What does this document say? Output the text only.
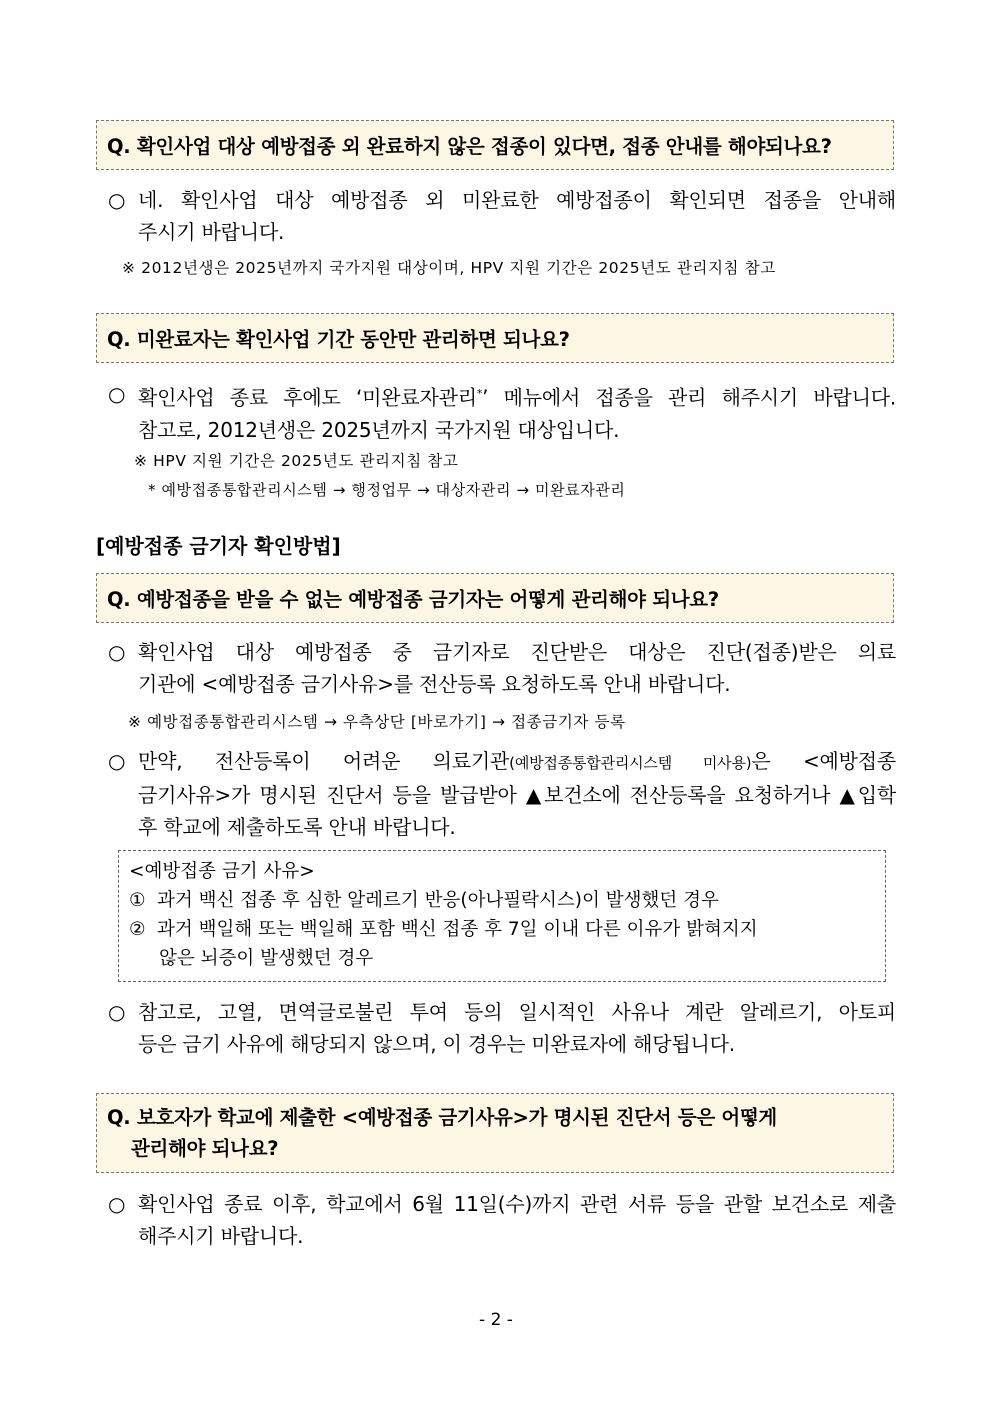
Q. 확인사업 대상 예방접종 외 완료하지 않은 접종이 있다면, 접종 안내를 해야되나요?
○ 네. 확인사업 대상 예방접종 외 미완료한 예방접종이 확인되면 접종을 안내해
주시기 바랍니다.
※ 2012년생은 2025년까지 국가지원 대상이며, HPV 지원 기간은 2025년도 관리지침 참고
Q. 미완료자는 확인사업 기간 동안만 관리하면 되나요?
○ 확인사업 종료 후에도 ‘미완료자관리*’ 메뉴에서 접종을 관리 해주시기 바랍니다.
참고로, 2012년생은 2025년까지 국가지원 대상입니다.
※ HPV 지원 기간은 2025년도 관리지침 참고
* 예방접종통합관리시스템 → 행정업무 → 대상자관리 → 미완료자관리
[예방접종 금기자 확인방법]
Q. 예방접종을 받을 수 없는 예방접종 금기자는 어떻게 관리해야 되나요?
○ 확인사업 대상 예방접종 중 금기자로 진단받은 대상은 진단(접종)받은 의료
기관에 <예방접종 금기사유>를 전산등록 요청하도록 안내 바랍니다.
※ 예방접종통합관리시스템 → 우측상단 [바로가기] → 접종금기자 등록
○ 만약, 전산등록이 어려운 의료기관(예방접종통합관리시스템 미사용)은 <예방접종
금기사유>가 명시된 진단서 등을 발급받아 ▲보건소에 전산등록을 요청하거나 ▲입학
후 학교에 제출하도록 안내 바랍니다.
<예방접종 금기 사유>
① 과거 백신 접종 후 심한 알레르기 반응(아나필락시스)이 발생했던 경우
② 과거 백일해 또는 백일해 포함 백신 접종 후 7일 이내 다른 이유가 밝혀지지
않은 뇌증이 발생했던 경우
○ 참고로, 고열, 면역글로불린 투여 등의 일시적인 사유나 계란 알레르기, 아토피
등은 금기 사유에 해당되지 않으며, 이 경우는 미완료자에 해당됩니다.
Q. 보호자가 학교에 제출한 <예방접종 금기사유>가 명시된 진단서 등은 어떻게
관리해야 되나요?
○ 확인사업 종료 이후, 학교에서 6월 11일(수)까지 관련 서류 등을 관할 보건소로 제출
해주시기 바랍니다.
- 2 -
